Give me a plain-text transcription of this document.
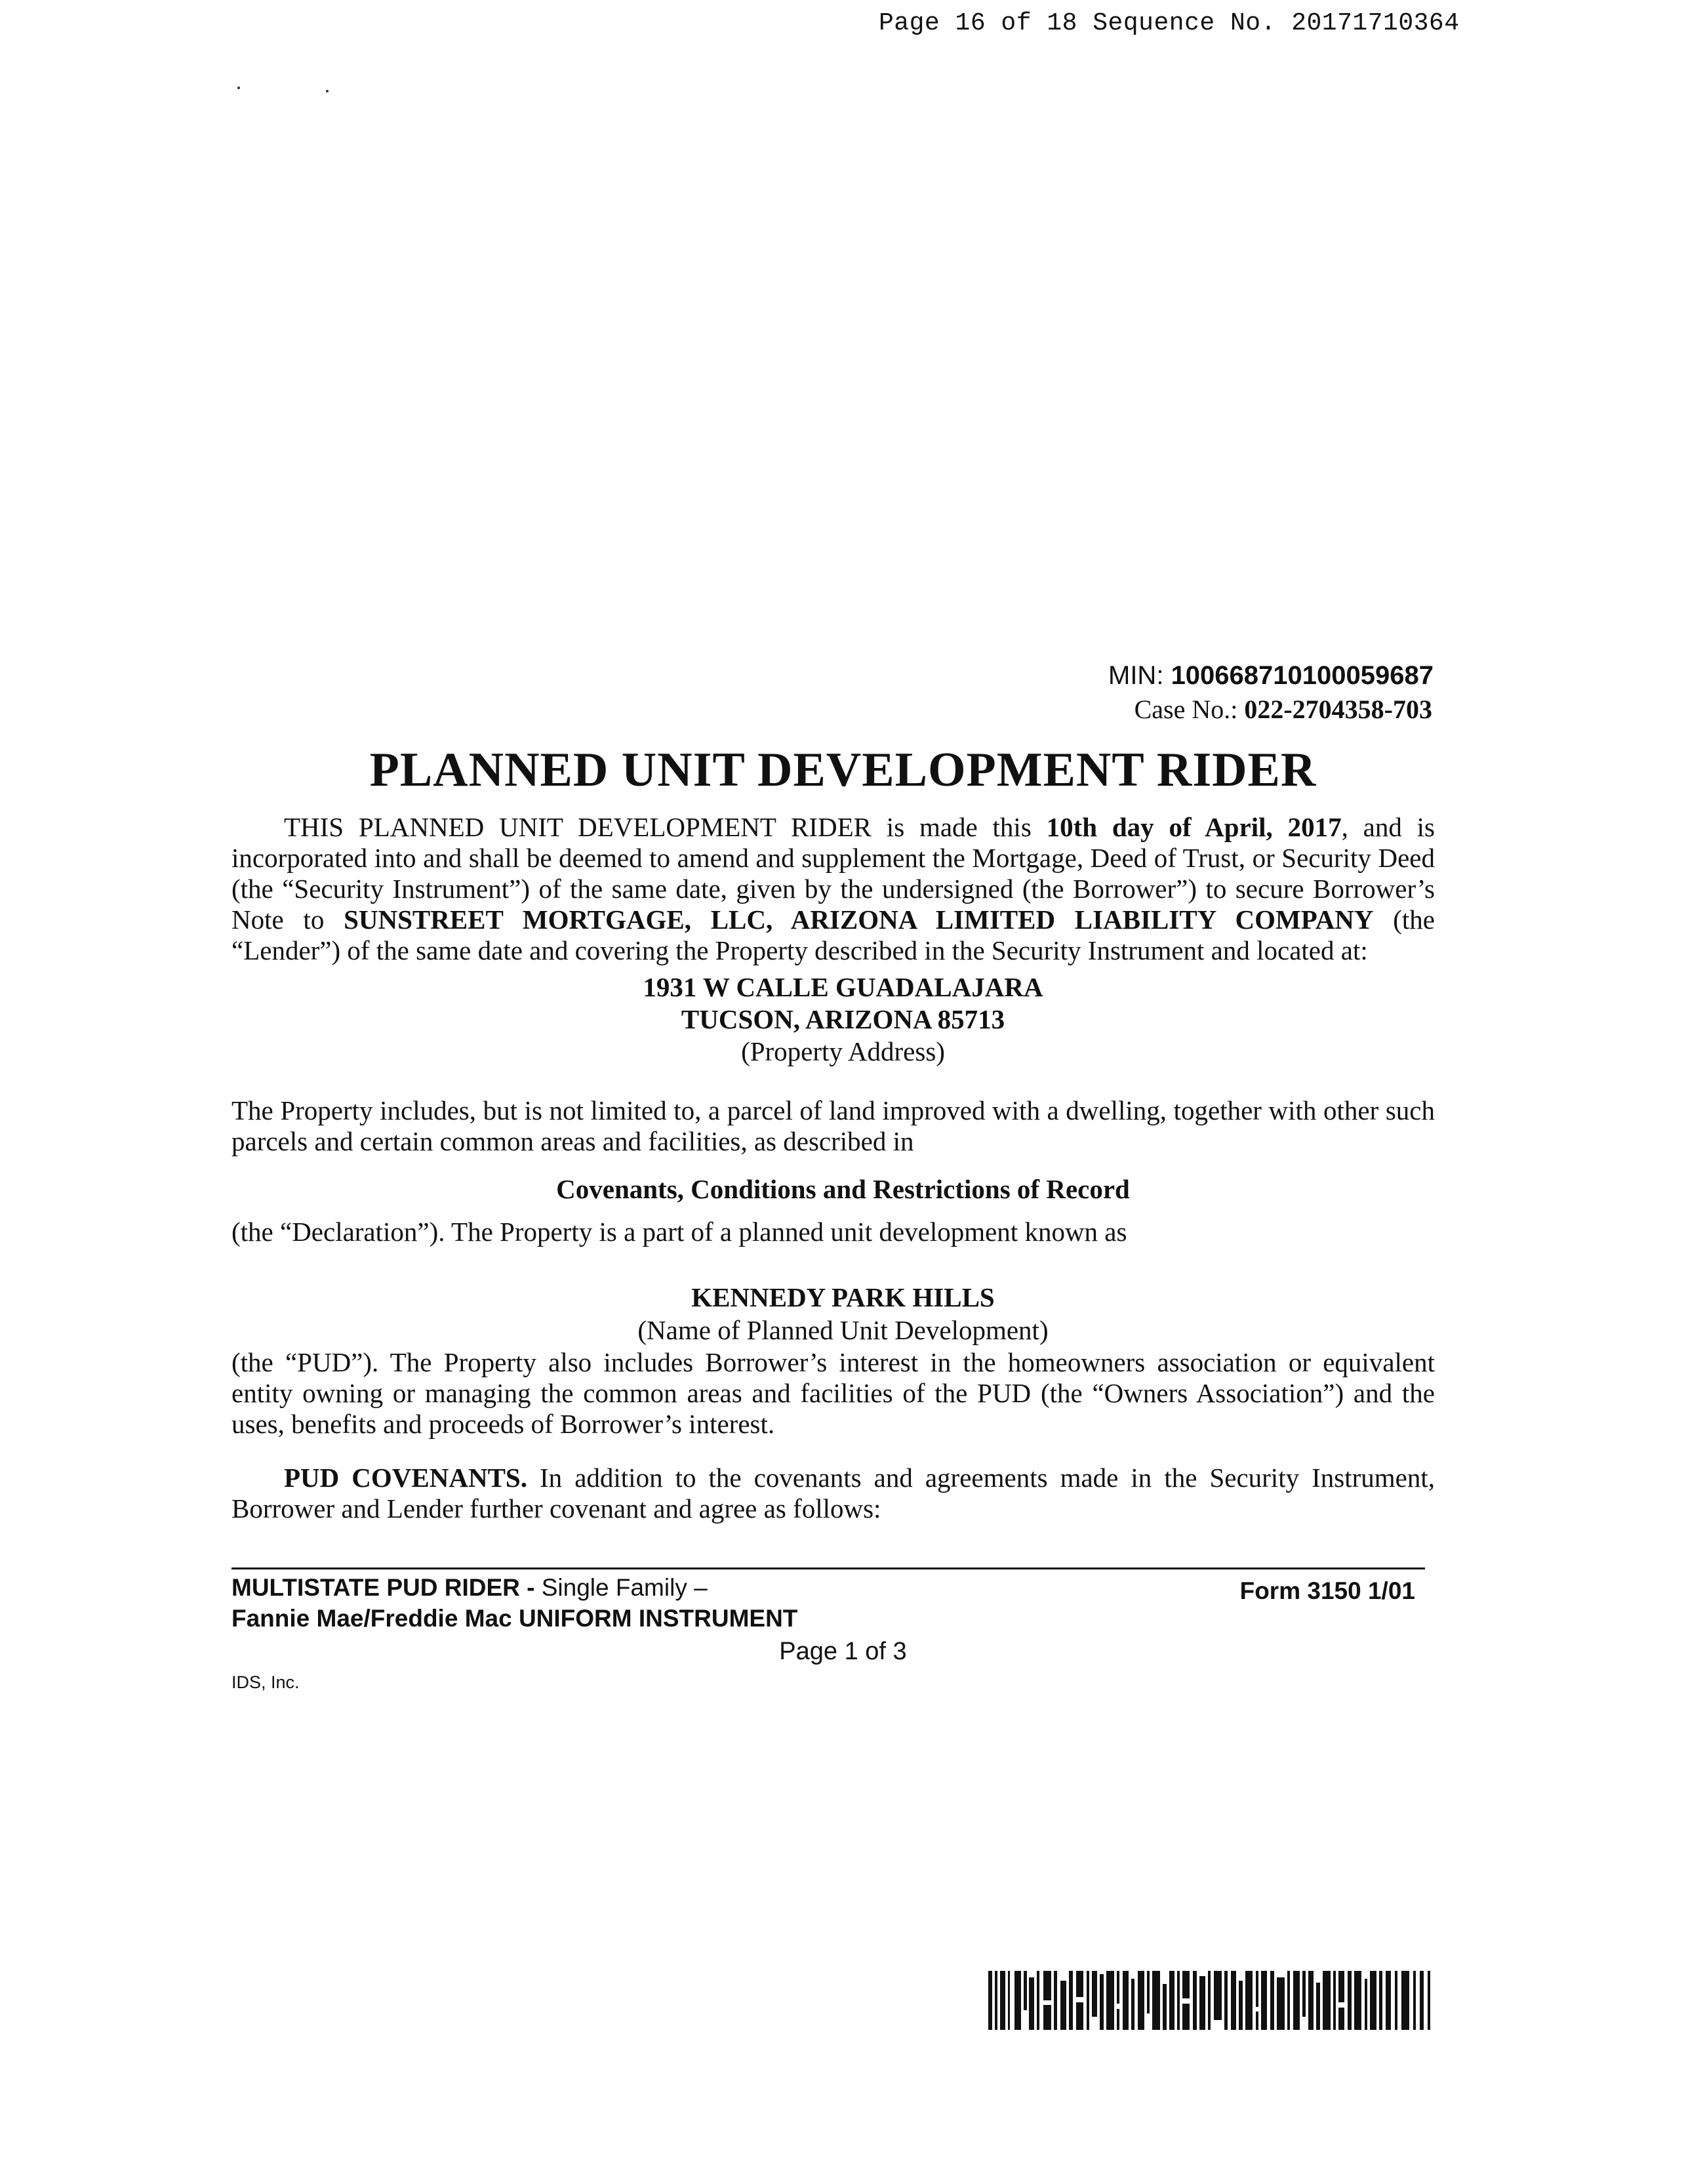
Page 16 of 18 Sequence No. 20171710364
MIN: 100668710100059687
Case No.: 022-2704358-703
PLANNED UNIT DEVELOPMENT RIDER
THIS PLANNED UNIT DEVELOPMENT RIDER is made this 10th day of April, 2017, and is incorporated into and shall be deemed to amend and supplement the Mortgage, Deed of Trust, or Security Deed (the “Security Instrument”) of the same date, given by the undersigned (the Borrower”) to secure Borrower’s Note to SUNSTREET MORTGAGE, LLC, ARIZONA LIMITED LIABILITY COMPANY (the “Lender”) of the same date and covering the Property described in the Security Instrument and located at:
1931 W CALLE GUADALAJARA
TUCSON, ARIZONA 85713
(Property Address)
The Property includes, but is not limited to, a parcel of land improved with a dwelling, together with other such parcels and certain common areas and facilities, as described in
Covenants, Conditions and Restrictions of Record
(the “Declaration”). The Property is a part of a planned unit development known as
KENNEDY PARK HILLS
(Name of Planned Unit Development)
(the “PUD”). The Property also includes Borrower’s interest in the homeowners association or equivalent entity owning or managing the common areas and facilities of the PUD (the “Owners Association”) and the uses, benefits and proceeds of Borrower’s interest.
PUD COVENANTS. In addition to the covenants and agreements made in the Security Instrument, Borrower and Lender further covenant and agree as follows:
MULTISTATE PUD RIDER - Single Family –
Fannie Mae/Freddie Mac UNIFORM INSTRUMENT
Form 3150 1/01
Page 1 of 3
IDS, Inc.
